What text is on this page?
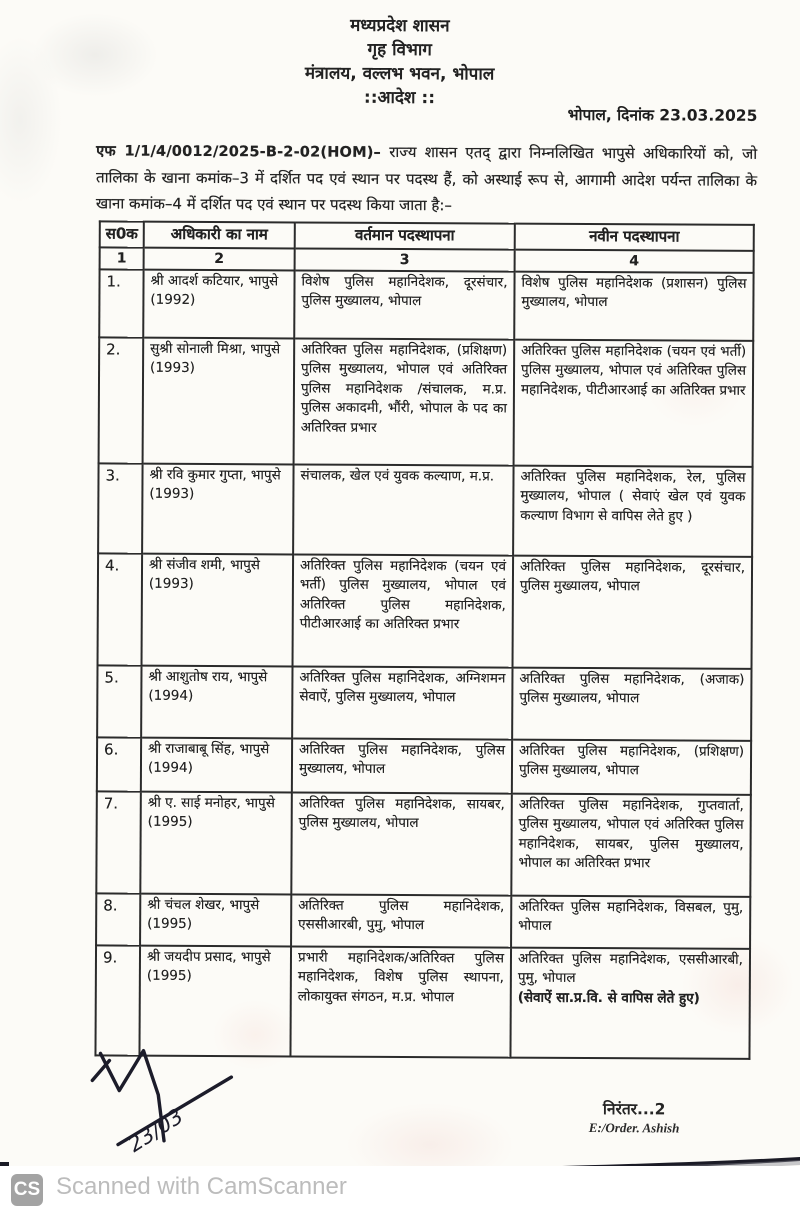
मध्यप्रदेश शासन
गृह विभाग
मंत्रालय, वल्लभ भवन, भोपाल
::आदेश ::
भोपाल, दिनांक 23.03.2025
एफ 1/1/4/0012/2025-B-2-02(HOM)– राज्य शासन एतद् द्वारा निम्नलिखित भापुसे अधिकारियों को, जो तालिका के खाना कमांक–3 में दर्शित पद एवं स्थान पर पदस्थ हैं, को अस्थाई रूप से, आगामी आदेश पर्यन्त तालिका के खाना कमांक–4 में दर्शित पद एवं स्थान पर पदस्थ किया जाता है:–
स0क	अधिकारी का नाम	वर्तमान पदस्थापना	नवीन पदस्थापना
1	2	3	4

1.	श्री आदर्श कटियार, भापुसे (1992)	विशेष पुलिस महानिदेशक, दूरसंचार, पुलिस मुख्यालय, भोपाल	विशेष पुलिस महानिदेशक (प्रशासन) पुलिस मुख्यालय, भोपाल

2.	सुश्री सोनाली मिश्रा, भापुसे (1993)	अतिरिक्त पुलिस महानिदेशक, (प्रशिक्षण) पुलिस मुख्यालय, भोपाल एवं अतिरिक्त पुलिस महानिदेशक /संचालक, म.प्र. पुलिस अकादमी, भौंरी, भोपाल के पद का अतिरिक्त प्रभार	अतिरिक्त पुलिस महानिदेशक (चयन एवं भर्ती) पुलिस मुख्यालय, भोपाल एवं अतिरिक्त पुलिस महानिदेशक, पीटीआरआई का अतिरिक्त प्रभार

3.	श्री रवि कुमार गुप्ता, भापुसे (1993)	संचालक, खेल एवं युवक कल्याण, म.प्र.	अतिरिक्त पुलिस महानिदेशक, रेल, पुलिस मुख्यालय, भोपाल ( सेवाएं खेल एवं युवक कल्याण विभाग से वापिस लेते हुए )

4.	श्री संजीव शमी, भापुसे (1993)	अतिरिक्त पुलिस महानिदेशक (चयन एवं भर्ती) पुलिस मुख्यालय, भोपाल एवं अतिरिक्त पुलिस महानिदेशक, पीटीआरआई का अतिरिक्त प्रभार	अतिरिक्त पुलिस महानिदेशक, दूरसंचार, पुलिस मुख्यालय, भोपाल

5.	श्री आशुतोष राय, भापुसे (1994)	अतिरिक्त पुलिस महानिदेशक, अग्निशमन सेवाऐं, पुलिस मुख्यालय, भोपाल	अतिरिक्त पुलिस महानिदेशक, (अजाक) पुलिस मुख्यालय, भोपाल

6.	श्री राजाबाबू सिंह, भापुसे (1994)	अतिरिक्त पुलिस महानिदेशक, पुलिस मुख्यालय, भोपाल	अतिरिक्त पुलिस महानिदेशक, (प्रशिक्षण) पुलिस मुख्यालय, भोपाल

7.	श्री ए. साई मनोहर, भापुसे (1995)	अतिरिक्त पुलिस महानिदेशक, सायबर, पुलिस मुख्यालय, भोपाल	अतिरिक्त पुलिस महानिदेशक, गुप्तवार्ता, पुलिस मुख्यालय, भोपाल एवं अतिरिक्त पुलिस महानिदेशक, सायबर, पुलिस मुख्यालय, भोपाल का अतिरिक्त प्रभार

8.	श्री चंचल शेखर, भापुसे (1995)	अतिरिक्त पुलिस महानिदेशक, एससीआरबी, पुमु, भोपाल	अतिरिक्त पुलिस महानिदेशक, विसबल, पुमु, भोपाल

9.	श्री जयदीप प्रसाद, भापुसे (1995)	प्रभारी महानिदेशक/अतिरिक्त पुलिस महानिदेशक, विशेष पुलिस स्थापना, लोकायुक्त संगठन, म.प्र. भोपाल	अतिरिक्त पुलिस महानिदेशक, एससीआरबी, पुमु, भोपाल
(सेवाऐं सा.प्र.वि. से वापिस लेते हुए)
23/03	निरंतर...2
E:/Order. Ashish
CS Scanned with CamScanner
